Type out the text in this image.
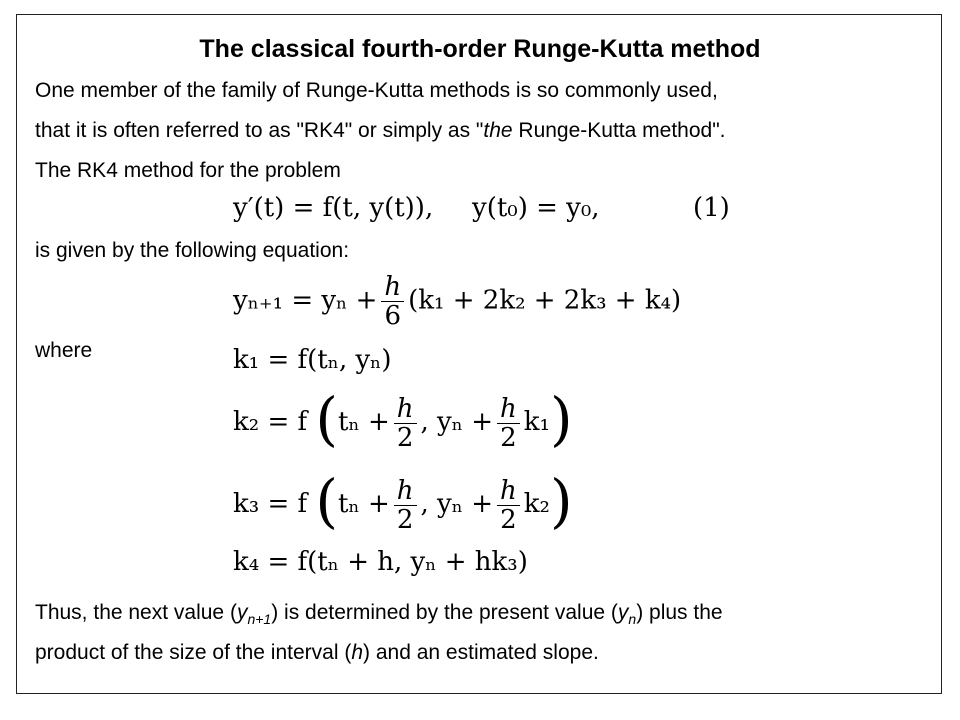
The classical fourth-order Runge-Kutta method
One member of the family of Runge-Kutta methods is so commonly used,
that it is often referred to as "RK4" or simply as "the Runge-Kutta method".
The RK4 method for the problem
y′(t) = f(t, y(t)), y(t₀) = y₀,	(1)
is given by the following equation:
$y_{n+1} = y_n + \frac{h}{6} (k_1 + 2k_2 + 2k_3 + k_4)$
where	k₁ = f(tₙ, yₙ)
k₂ = f ($t_n + \frac{h}{2}$ , $y_n + \frac{h}{2} k_1$)
k₃ = f ($t_n + \frac{h}{2}$ , $y_n + \frac{h}{2} k_2$)
k₄ = f(tₙ + h, yₙ + hk₃)
Thus, the next value $(y_{n+1})$ is determined by the present value $(y_n)$ plus the
product of the size of the interval (h) and an estimated slope.
